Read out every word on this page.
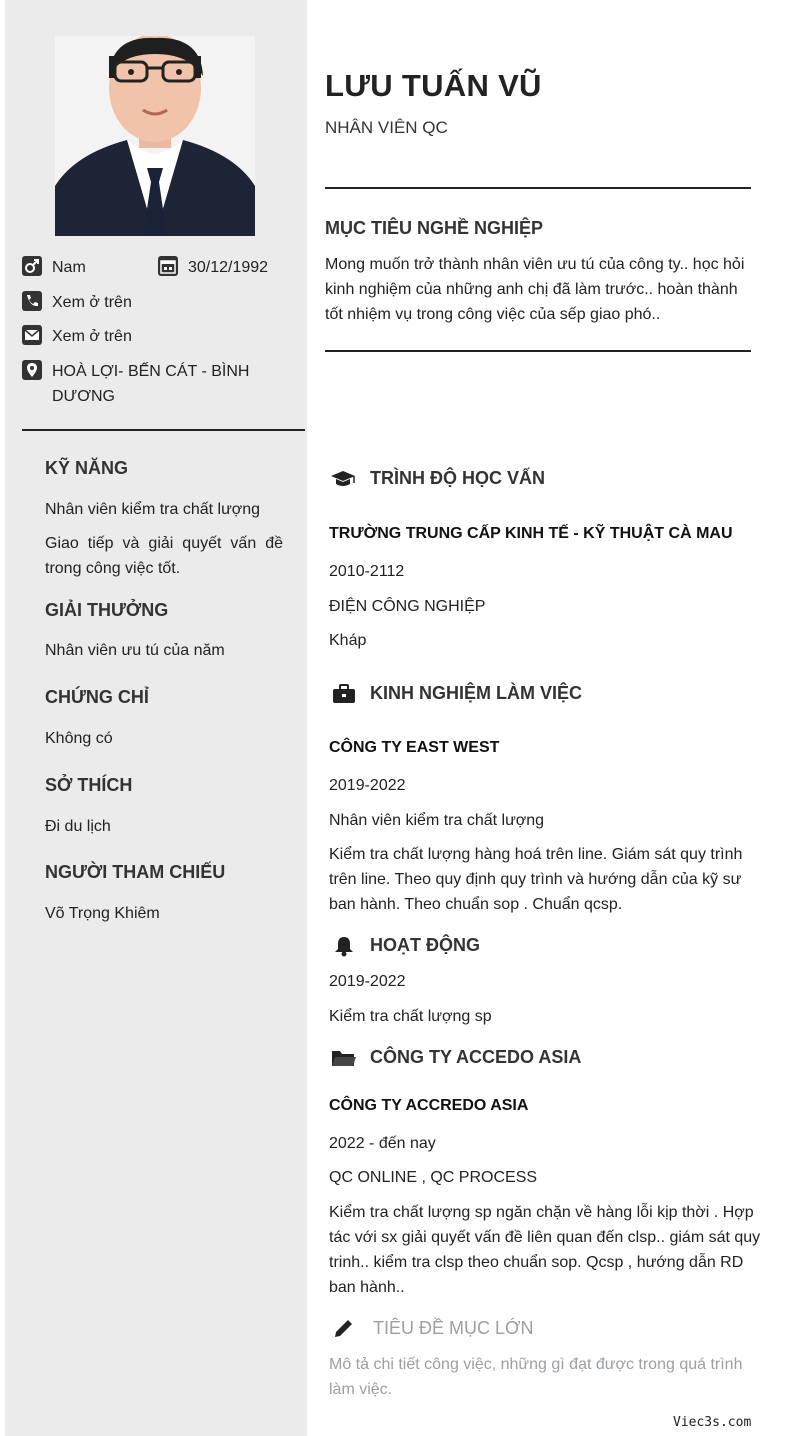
Nam	30/12/1992
Xem ở trên
Xem ở trên
HOÀ LỢI- BẾN CÁT - BÌNH DƯƠNG
KỸ NĂNG
Nhân viên kiểm tra chất lượng
Giao tiếp và giải quyết vấn đề trong công việc tốt.
GIẢI THƯỞNG
Nhân viên ưu tú của năm
CHỨNG CHỈ
Không có
SỞ THÍCH
Đi du lịch
NGƯỜI THAM CHIẾU
Võ Trọng Khiêm
LƯU TUẤN VŨ
NHÂN VIÊN QC
MỤC TIÊU NGHỀ NGHIỆP
Mong muốn trở thành nhân viên ưu tú của công ty.. học hỏi kinh nghiệm của những anh chị đã làm trước.. hoàn thành tốt nhiệm vụ trong công việc của sếp giao phó..
TRÌNH ĐỘ HỌC VẤN
TRƯỜNG TRUNG CẤP KINH TẾ - KỸ THUẬT CÀ MAU
2010-2112
ĐIỆN CÔNG NGHIỆP
Kháp
KINH NGHIỆM LÀM VIỆC
CÔNG TY EAST WEST
2019-2022
Nhân viên kiểm tra chất lượng
Kiểm tra chất lượng hàng hoá trên line. Giám sát quy trình trên line. Theo quy định quy trình và hướng dẫn của kỹ sư ban hành. Theo chuẩn sop . Chuẩn qcsp.
HOẠT ĐỘNG
2019-2022
Kiểm tra chất lượng sp
CÔNG TY ACCEDO ASIA
CÔNG TY ACCREDO ASIA
2022 - đến nay
QC ONLINE , QC PROCESS
Kiểm tra chất lượng sp ngăn chặn về hàng lỗi kịp thời . Hợp tác với sx giải quyết vấn đề liên quan đến clsp.. giám sát quy trinh.. kiểm tra clsp theo chuẩn sop. Qcsp , hướng dẫn RD ban hành..
TIÊU ĐỀ MỤC LỚN
Mô tả chi tiết công việc, những gì đạt được trong quá trình làm việc.
Viec3s.com
